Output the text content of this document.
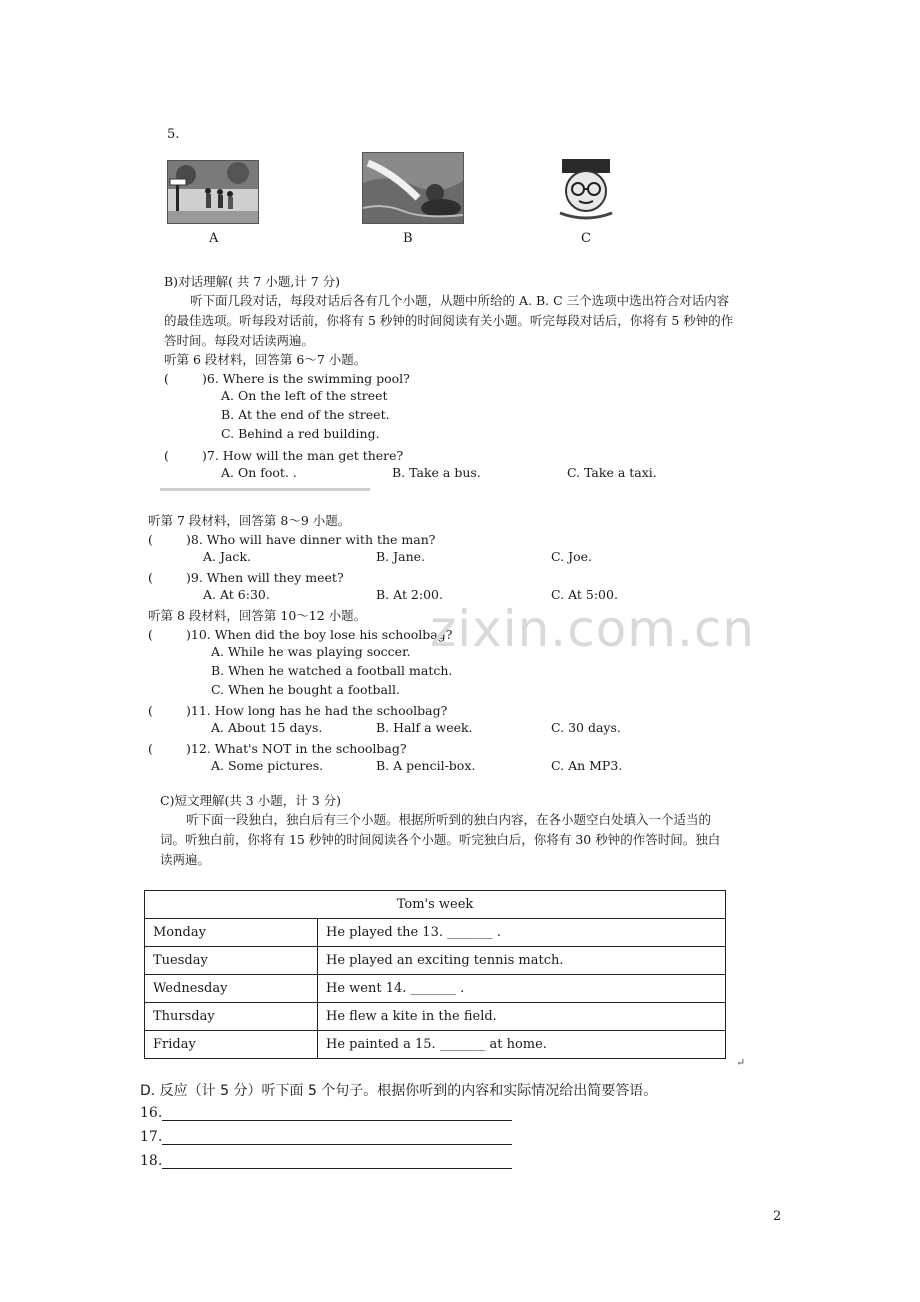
5.
A	B	C
B)对话理解( 共 7 小题,计 7 分)
听下面几段对话，每段对话后各有几个小题，从题中所给的 A. B. C 三个选项中选出符合对话内容的最佳选项。听每段对话前，你将有 5 秒钟的时间阅读有关小题。听完每段对话后，你将有 5 秒钟的作答时间。每段对话读两遍。
听第 6 段材料，回答第 6～7 小题。
(	)6. Where is the swimming pool?
A. On the left of the street
B. At the end of the street.
C. Behind a red building.
(	)7. How will the man get there?
A. On foot. .	B. Take a bus.	C. Take a taxi.
听第 7 段材料，回答第 8～9 小题。
(	)8. Who will have dinner with the man?
A. Jack.	B. Jane.	C. Joe.
(	)9. When will they meet?
A. At 6:30.	B. At 2:00.	C. At 5:00.
听第 8 段材料，回答第 10～12 小题。
(	)10. When did the boy lose his schoolbag?
A. While he was playing soccer.
B. When he watched a football match.
C. When he bought a football.
(	)11. How long has he had the schoolbag?
A. About 15 days.	B. Half a week.	C. 30 days.
(	)12. What's NOT in the schoolbag?
A. Some pictures.	B. A pencil-box.	C. An MP3.
zixin.com.cn
C)短文理解(共 3 小题，计 3 分)
听下面一段独白，独白后有三个小题。根据所听到的独白内容，在各小题空白处填入一个适当的词。听独白前，你将有 15 秒钟的时间阅读各个小题。听完独白后，你将有 30 秒钟的作答时间。独白读两遍。
Tom's week	
Monday	He played the 13. _______ .
Tuesday	He played an exciting tennis match.
Wednesday	He went 14. _______ .
Thursday	He flew a kite in the field.
Friday	He painted a 15. _______ at home.
↵
D. 反应（计 5 分）听下面 5 个句子。根据你听到的内容和实际情况给出简要答语。
16.
17.
18.
2
